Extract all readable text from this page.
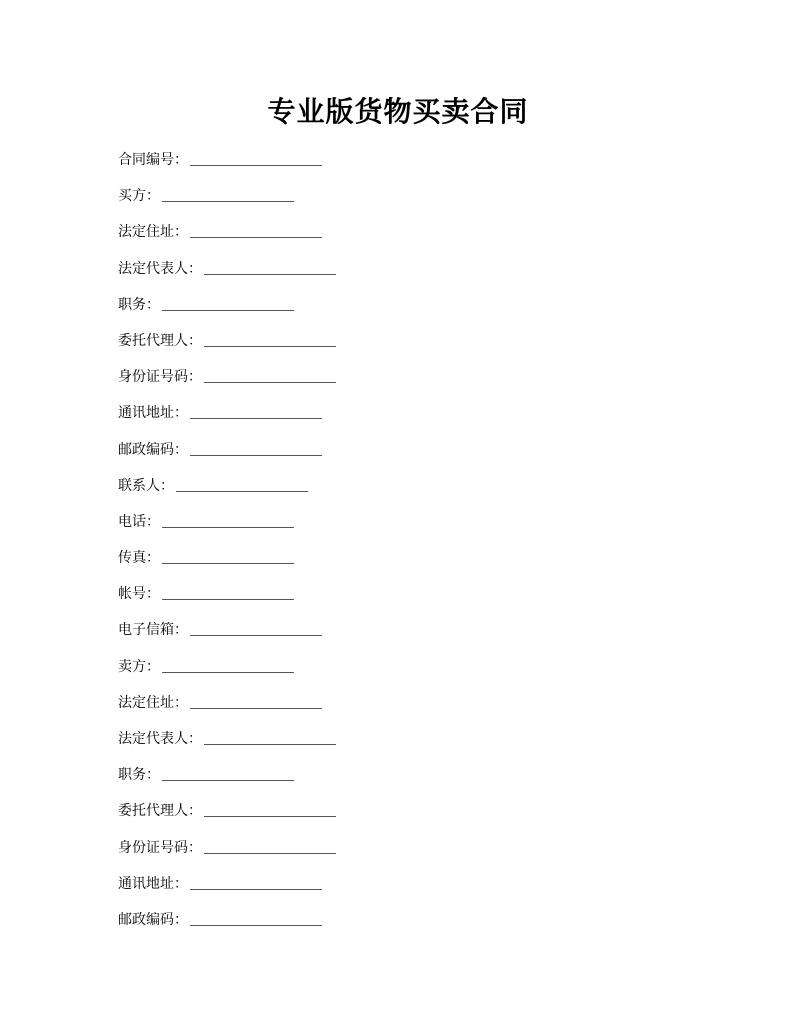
专业版货物买卖合同
合同编号：
买方：
法定住址：
法定代表人：
职务：
委托代理人：
身份证号码：
通讯地址：
邮政编码：
联系人：
电话：
传真：
帐号：
电子信箱：
卖方：
法定住址：
法定代表人：
职务：
委托代理人：
身份证号码：
通讯地址：
邮政编码：
